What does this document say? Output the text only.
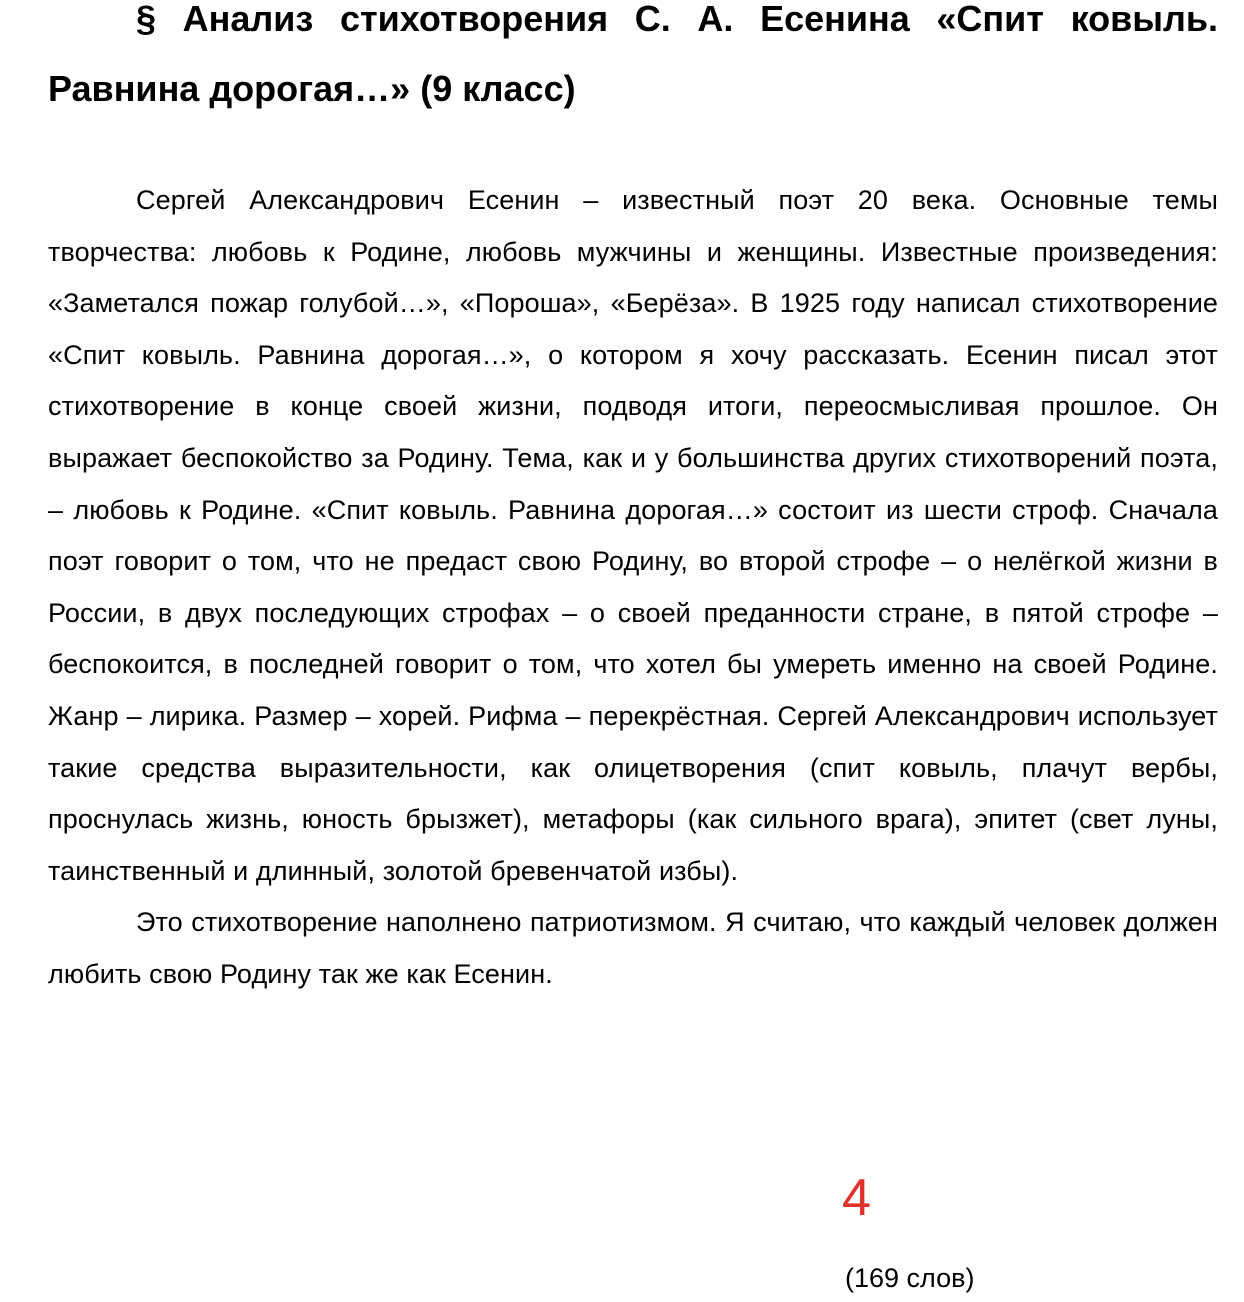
§ Анализ стихотворения С. А. Есенина «Спит ковыль. Равнина дорогая…» (9 класс)

Сергей Александрович Есенин – известный поэт 20 века. Основные темы творчества: любовь к Родине, любовь мужчины и женщины. Известные произведения: «Заметался пожар голубой…», «Пороша», «Берёза». В 1925 году написал стихотворение «Спит ковыль. Равнина дорогая…», о котором я хочу рассказать. Есенин писал этот стихотворение в конце своей жизни, подводя итоги, переосмысливая прошлое. Он выражает беспокойство за Родину. Тема, как и у большинства других стихотворений поэта, – любовь к Родине. «Спит ковыль. Равнина дорогая…» состоит из шести строф. Сначала поэт говорит о том, что не предаст свою Родину, во второй строфе – о нелёгкой жизни в России, в двух последующих строфах – о своей преданности стране, в пятой строфе – беспокоится, в последней говорит о том, что хотел бы умереть именно на своей Родине. Жанр – лирика. Размер – хорей. Рифма – перекрёстная. Сергей Александрович использует такие средства выразительности, как олицетворения (спит ковыль, плачут вербы, проснулась жизнь, юность брызжет), метафоры (как сильного врага), эпитет (свет луны, таинственный и длинный, золотой бревенчатой избы).

Это стихотворение наполнено патриотизмом. Я считаю, что каждый человек должен любить свою Родину так же как Есенин.

4
(169 слов)
